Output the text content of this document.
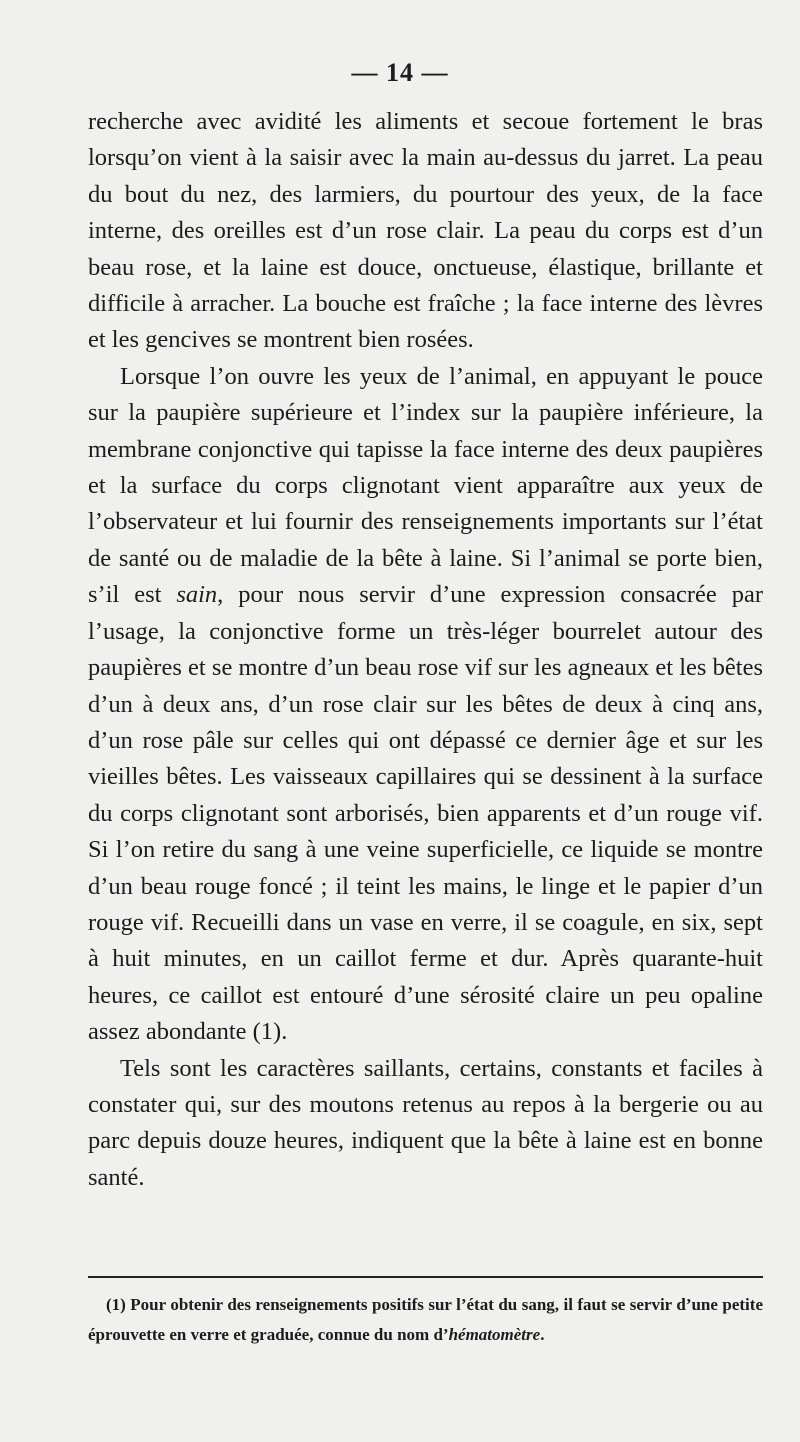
— 14 —

recherche avec avidité les aliments et secoue fortement le bras lorsqu’on vient à la saisir avec la main au-dessus du jarret. La peau du bout du nez, des larmiers, du pourtour des yeux, de la face interne, des oreilles est d’un rose clair. La peau du corps est d’un beau rose, et la laine est douce, onctueuse, élastique, brillante et difficile à arracher. La bouche est fraîche ; la face interne des lèvres et les gencives se montrent bien rosées.

Lorsque l’on ouvre les yeux de l’animal, en appuyant le pouce sur la paupière supérieure et l’index sur la paupière inférieure, la membrane conjonctive qui tapisse la face interne des deux paupières et la surface du corps clignotant vient apparaître aux yeux de l’observateur et lui fournir des renseignements importants sur l’état de santé ou de maladie de la bête à laine. Si l’animal se porte bien, s’il est sain, pour nous servir d’une expression consacrée par l’usage, la conjonctive forme un très-léger bourrelet autour des paupières et se montre d’un beau rose vif sur les agneaux et les bêtes d’un à deux ans, d’un rose clair sur les bêtes de deux à cinq ans, d’un rose pâle sur celles qui ont dépassé ce dernier âge et sur les vieilles bêtes. Les vaisseaux capillaires qui se dessinent à la surface du corps clignotant sont arborisés, bien apparents et d’un rouge vif. Si l’on retire du sang à une veine superficielle, ce liquide se montre d’un beau rouge foncé ; il teint les mains, le linge et le papier d’un rouge vif. Recueilli dans un vase en verre, il se coagule, en six, sept à huit minutes, en un caillot ferme et dur. Après quarante-huit heures, ce caillot est entouré d’une sérosité claire un peu opaline assez abondante (1).

Tels sont les caractères saillants, certains, constants et faciles à constater qui, sur des moutons retenus au repos à la bergerie ou au parc depuis douze heures, indiquent que la bête à laine est en bonne santé.

(1) Pour obtenir des renseignements positifs sur l’état du sang, il faut se servir d’une petite éprouvette en verre et graduée, connue du nom d’hématomètre.
